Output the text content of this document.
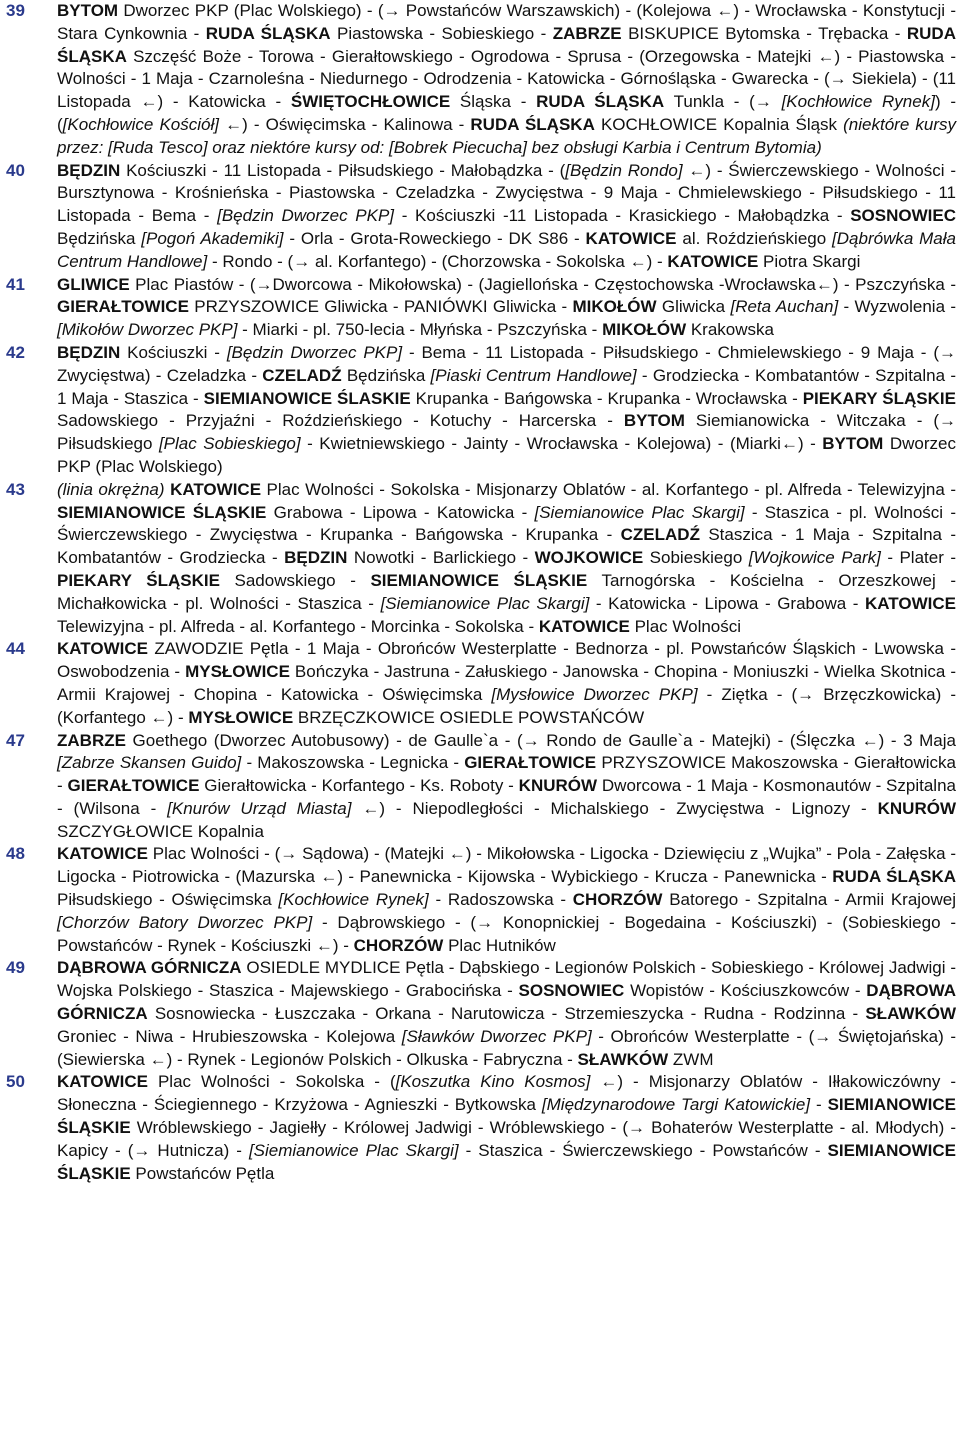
39	BYTOM Dworzec PKP (Plac Wolskiego) - (→ Powstańców Warszawskich) - (Kolejowa ←) - Wrocławska - Konstytucji - Stara Cynkownia - RUDA ŚLĄSKA Piastowska - Sobieskiego - ZABRZE BISKUPICE Bytomska - Trębacka - RUDA ŚLĄSKA Szczęść Boże - Torowa - Gierałtowskiego - Ogrodowa - Sprusa - (Orzegowska - Matejki ←) - Piastowska - Wolności - 1 Maja - Czarnoleśna - Niedurnego - Odrodzenia - Katowicka - Górnośląska - Gwarecka - (→ Siekiela) - (11 Listopada ←) - Katowicka - ŚWIĘTOCHŁOWICE Śląska - RUDA ŚLĄSKA Tunkla - (→ [Kochłowice Rynek]) - ([Kochłowice Kościół] ←) - Oświęcimska - Kalinowa - RUDA ŚLĄSKA KOCHŁOWICE Kopalnia Śląsk (niektóre kursy przez: [Ruda Tesco] oraz niektóre kursy od: [Bobrek Piecucha] bez obsługi Karbia i Centrum Bytomia)
40	BĘDZIN Kościuszki - 11 Listopada - Piłsudskiego - Małobądzka - ([Będzin Rondo] ←) - Świerczewskiego - Wolności - Bursztynowa - Krośnieńska - Piastowska - Czeladzka - Zwycięstwa - 9 Maja - Chmielewskiego - Piłsudskiego - 11 Listopada - Bema - [Będzin Dworzec PKP] - Kościuszki -11 Listopada - Krasickiego - Małobądzka - SOSNOWIEC Będzińska [Pogoń Akademiki] - Orla - Grota-Roweckiego - DK S86 - KATOWICE al. Roździeńskiego [Dąbrówka Mała Centrum Handlowe] - Rondo - (→ al. Korfantego) - (Chorzowska - Sokolska ←) - KATOWICE Piotra Skargi
41	GLIWICE Plac Piastów - (→Dworcowa - Mikołowska) - (Jagiellońska - Częstochowska -Wrocławska←) - Pszczyńska - GIERAŁTOWICE PRZYSZOWICE Gliwicka - PANIÓWKI Gliwicka - MIKOŁÓW Gliwicka [Reta Auchan] - Wyzwolenia - [Mikołów Dworzec PKP] - Miarki - pl. 750-lecia - Młyńska - Pszczyńska - MIKOŁÓW Krakowska
42	BĘDZIN Kościuszki - [Będzin Dworzec PKP] - Bema - 11 Listopada - Piłsudskiego - Chmielewskiego - 9 Maja - (→ Zwycięstwa) - Czeladzka - CZELADŹ Będzińska [Piaski Centrum Handlowe] - Grodziecka - Kombatantów - Szpitalna - 1 Maja - Staszica - SIEMIANOWICE ŚLASKIE Krupanka - Bańgowska - Krupanka - Wrocławska - PIEKARY ŚLĄSKIE Sadowskiego - Przyjaźni - Roździeńskiego - Kotuchy - Harcerska - BYTOM Siemianowicka - Witczaka - (→ Piłsudskiego [Plac Sobieskiego] - Kwietniewskiego - Jainty - Wrocławska - Kolejowa) - (Miarki←) - BYTOM Dworzec PKP (Plac Wolskiego)
43	(linia okrężna) KATOWICE Plac Wolności - Sokolska - Misjonarzy Oblatów - al. Korfantego - pl. Alfreda - Telewizyjna - SIEMIANOWICE ŚLĄSKIE Grabowa - Lipowa - Katowicka - [Siemianowice Plac Skargi] - Staszica - pl. Wolności - Świerczewskiego - Zwycięstwa - Krupanka - Bańgowska - Krupanka - CZELADŹ Staszica - 1 Maja - Szpitalna - Kombatantów - Grodziecka - BĘDZIN Nowotki - Barlickiego - WOJKOWICE Sobieskiego [Wojkowice Park] - Plater - PIEKARY ŚLĄSKIE Sadowskiego - SIEMIANOWICE ŚLĄSKIE Tarnogórska - Kościelna - Orzeszkowej - Michałkowicka - pl. Wolności - Staszica - [Siemianowice Plac Skargi] - Katowicka - Lipowa - Grabowa - KATOWICE Telewizyjna - pl. Alfreda - al. Korfantego - Morcinka - Sokolska - KATOWICE Plac Wolności
44	KATOWICE ZAWODZIE Pętla - 1 Maja - Obrońców Westerplatte - Bednorza - pl. Powstańców Śląskich - Lwowska - Oswobodzenia - MYSŁOWICE Bończyka - Jastruna - Załuskiego - Janowska - Chopina - Moniuszki - Wielka Skotnica - Armii Krajowej - Chopina - Katowicka - Oświęcimska [Mysłowice Dworzec PKP] - Ziętka - (→ Brzęczkowicka) - (Korfantego ←) - MYSŁOWICE BRZĘCZKOWICE OSIEDLE POWSTAŃCÓW
47	ZABRZE Goethego (Dworzec Autobusowy) - de Gaulle`a - (→ Rondo de Gaulle`a - Matejki) - (Ślęczka ←) - 3 Maja [Zabrze Skansen Guido] - Makoszowska - Legnicka - GIERAŁTOWICE PRZYSZOWICE Makoszowska - Gierałtowicka - GIERAŁTOWICE Gierałtowicka - Korfantego - Ks. Roboty - KNURÓW Dworcowa - 1 Maja - Kosmonautów - Szpitalna - (Wilsona - [Knurów Urząd Miasta] ←) - Niepodległości - Michalskiego - Zwycięstwa - Lignozy - KNURÓW SZCZYGŁOWICE Kopalnia
48	KATOWICE Plac Wolności - (→ Sądowa) - (Matejki ←) - Mikołowska - Ligocka - Dziewięciu z „Wujka” - Pola - Załęska - Ligocka - Piotrowicka - (Mazurska ←) - Panewnicka - Kijowska - Wybickiego - Krucza - Panewnicka - RUDA ŚLĄSKA Piłsudskiego - Oświęcimska [Kochłowice Rynek] - Radoszowska - CHORZÓW Batorego - Szpitalna - Armii Krajowej [Chorzów Batory Dworzec PKP] - Dąbrowskiego - (→ Konopnickiej - Bogedaina - Kościuszki) - (Sobieskiego - Powstańców - Rynek - Kościuszki ←) - CHORZÓW Plac Hutników
49	DĄBROWA GÓRNICZA OSIEDLE MYDLICE Pętla - Dąbskiego - Legionów Polskich - Sobieskiego - Królowej Jadwigi - Wojska Polskiego - Staszica - Majewskiego - Grabocińska - SOSNOWIEC Wopistów - Kościuszkowców - DĄBROWA GÓRNICZA Sosnowiecka - Łuszczaka - Orkana - Narutowicza - Strzemieszycka - Rudna - Rodzinna - SŁAWKÓW Groniec - Niwa - Hrubieszowska - Kolejowa [Sławków Dworzec PKP] - Obrońców Westerplatte - (→ Świętojańska) - (Siewierska ←) - Rynek - Legionów Polskich - Olkuska - Fabryczna - SŁAWKÓW ZWM
50	KATOWICE Plac Wolności - Sokolska - ([Koszutka Kino Kosmos] ←) - Misjonarzy Oblatów - Iłłakowiczówny - Słoneczna - Ściegiennego - Krzyżowa - Agnieszki - Bytkowska [Międzynarodowe Targi Katowickie] - SIEMIANOWICE ŚLĄSKIE Wróblewskiego - Jagiełły - Królowej Jadwigi - Wróblewskiego - (→ Bohaterów Westerplatte - al. Młodych) - Kapicy - (→ Hutnicza) - [Siemianowice Plac Skargi] - Staszica - Świerczewskiego - Powstańców - SIEMIANOWICE ŚLĄSKIE Powstańców Pętla
